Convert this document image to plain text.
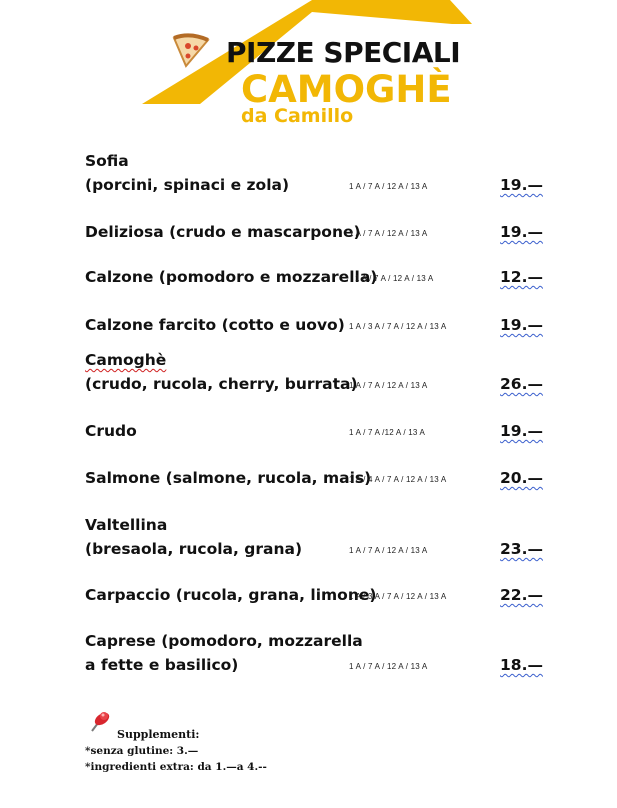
PIZZE SPECIALI
CAMOGHÈ
da Camillo
Sofia
(porcini, spinaci e zola)	1 A / 7 A / 12 A / 13 A	19.—
Deliziosa (crudo e mascarpone)
1 A / 7 A / 12 A / 13 A	19.—
Calzone (pomodoro e mozzarella)
1 A / 7 A / 12 A / 13 A	12.—
Calzone farcito (cotto e uovo) 1 A / 3 A / 7 A / 12 A / 13 A	19.—
Camoghè
(crudo, rucola, cherry, burrata)
1 A / 7 A / 12 A / 13 A	26.—
Crudo	1 A / 7 A /12 A / 13 A	19.—
Salmone (salmone, rucola, mais)
1 A / 4 A / 7 A / 12 A / 13 A	20.—
Valtellina
(bresaola, rucola, grana)	1 A / 7 A / 12 A / 13 A	23.—
Carpaccio (rucola, grana, limone)
1 A / 3 A / 7 A / 12 A / 13 A	22.—
Caprese (pomodoro, mozzarella
a fette e basilico)	1 A / 7 A / 12 A / 13 A	18.—
Supplementi:
*senza glutine: 3.—
*ingredienti extra: da 1.—a 4.--
